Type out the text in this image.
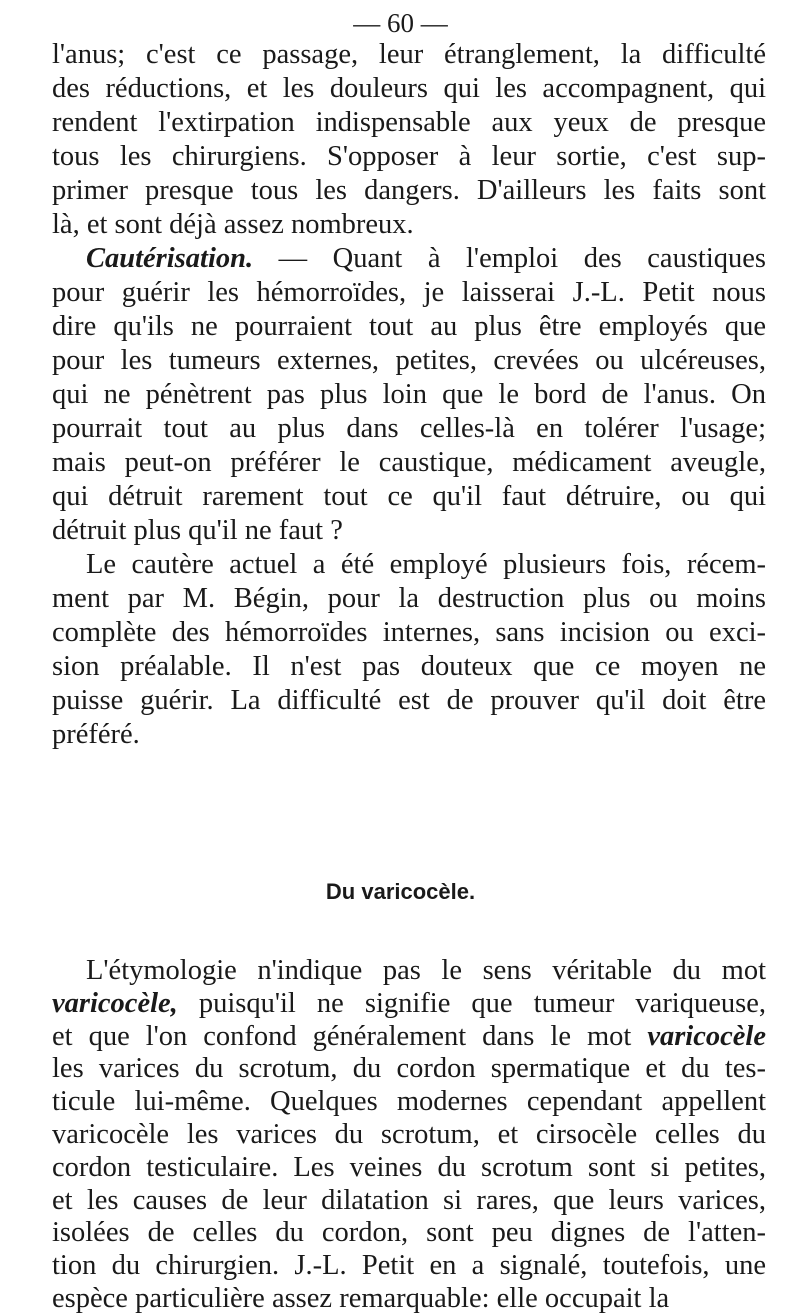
— 60 —
l'anus; c'est ce passage, leur étranglement, la difficulté
des réductions, et les douleurs qui les accompagnent, qui
rendent l'extirpation indispensable aux yeux de presque
tous les chirurgiens. S'opposer à leur sortie, c'est sup-
primer presque tous les dangers. D'ailleurs les faits sont
là, et sont déjà assez nombreux.
Cautérisation. — Quant à l'emploi des caustiques
pour guérir les hémorroïdes, je laisserai J.-L. Petit nous
dire qu'ils ne pourraient tout au plus être employés que
pour les tumeurs externes, petites, crevées ou ulcéreuses,
qui ne pénètrent pas plus loin que le bord de l'anus. On
pourrait tout au plus dans celles-là en tolérer l'usage;
mais peut-on préférer le caustique, médicament aveugle,
qui détruit rarement tout ce qu'il faut détruire, ou qui
détruit plus qu'il ne faut ?
Le cautère actuel a été employé plusieurs fois, récem-
ment par M. Bégin, pour la destruction plus ou moins
complète des hémorroïdes internes, sans incision ou exci-
sion préalable. Il n'est pas douteux que ce moyen ne
puisse guérir. La difficulté est de prouver qu'il doit être
préféré.
Du varicocèle.
L'étymologie n'indique pas le sens véritable du mot
varicocèle, puisqu'il ne signifie que tumeur variqueuse,
et que l'on confond généralement dans le mot varicocèle
les varices du scrotum, du cordon spermatique et du tes-
ticule lui-même. Quelques modernes cependant appellent
varicocèle les varices du scrotum, et cirsocèle celles du
cordon testiculaire. Les veines du scrotum sont si petites,
et les causes de leur dilatation si rares, que leurs varices,
isolées de celles du cordon, sont peu dignes de l'atten-
tion du chirurgien. J.-L. Petit en a signalé, toutefois, une
espèce particulière assez remarquable: elle occupait la
